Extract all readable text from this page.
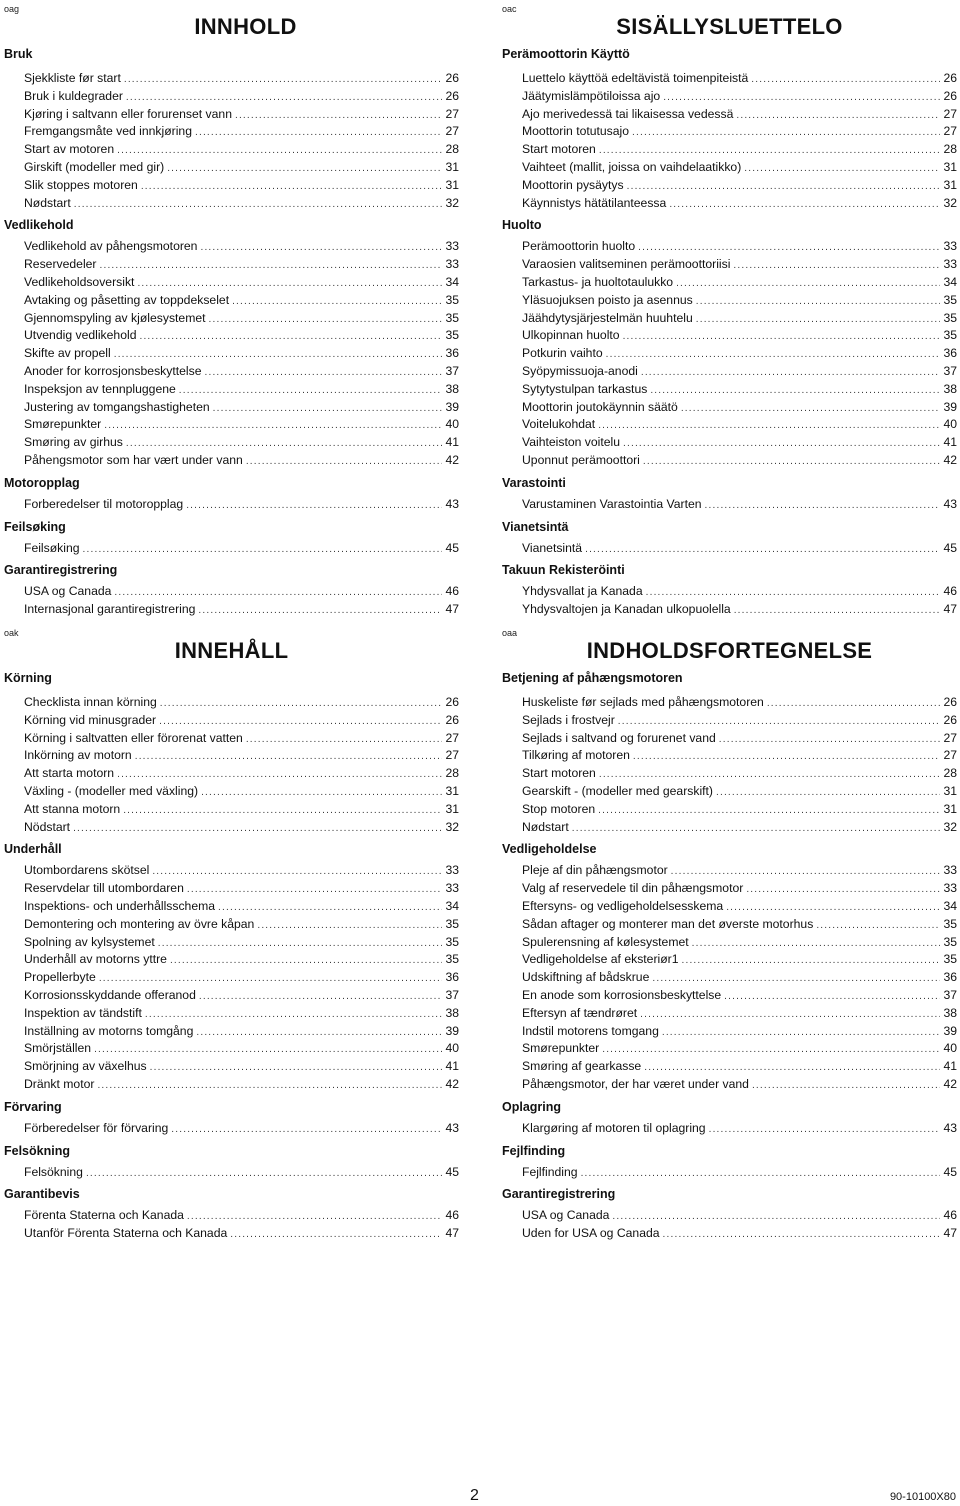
oag
INNHOLD
Bruk
Sjekkliste før start .....	26
Bruk i kuldegrader .....	26
Kjøring i saltvann eller forurenset vann .....	27
Fremgangsmåte ved innkjøring .....	27
Start av motoren .....	28
Girskift (modeller med gir) .....	31
Slik stoppes motoren .....	31
Nødstart .....	32
Vedlikehold
Vedlikehold av påhengsmotoren .....	33
Reservedeler .....	33
Vedlikeholdsoversikt .....	34
Avtaking og påsetting av toppdekselet .....	35
Gjennomspyling av kjølesystemet .....	35
Utvendig vedlikehold .....	35
Skifte av propell .....	36
Anoder for korrosjonsbeskyttelse .....	37
Inspeksjon av tennpluggene .....	38
Justering av tomgangshastigheten .....	39
Smørepunkter .....	40
Smøring av girhus .....	41
Påhengsmotor som har vært under vann .....	42
Motoropplag
Forberedelser til motoropplag .....	43
Feilsøking
Feilsøking .....	45
Garantiregistrering
USA og Canada .....	46
Internasjonal garantiregistrering .....	47
oac
SISÄLLYSLUETTELO
Perämoottorin Käyttö
Luettelo käyttöä edeltävistä toimenpiteistä .....	26
Jäätymislämpötiloissa ajo .....	26
Ajo merivedessä tai likaisessa vedessä .....	27
Moottorin totutusajo .....	27
Start motoren .....	28
Vaihteet (mallit, joissa on vaihdelaatikko) .....	31
Moottorin pysäytys .....	31
Käynnistys hätätilanteessa .....	32
Huolto
Perämoottorin huolto .....	33
Varaosien valitseminen perämoottoriisi .....	33
Tarkastus- ja huoltotaulukko .....	34
Yläsuojuksen poisto ja asennus .....	35
Jäähdytysjärjestelmän huuhtelu .....	35
Ulkopinnan huolto .....	35
Potkurin vaihto .....	36
Syöpymissuoja-anodi .....	37
Sytytystulpan tarkastus .....	38
Moottorin joutokäynnin säätö .....	39
Voitelukohdat .....	40
Vaihteiston voitelu .....	41
Uponnut perämoottori .....	42
Varastointi
Varustaminen Varastointia Varten .....	43
Vianetsintä
Vianetsintä .....	45
Takuun Rekisteröinti
Yhdysvallat ja Kanada .....	46
Yhdysvaltojen ja Kanadan ulkopuolella .....	47
oak
INNEHÅLL
Körning
Checklista innan körning .....	26
Körning vid minusgrader .....	26
Körning i saltvatten eller förorenat vatten .....	27
Inkörning av motorn .....	27
Att starta motorn .....	28
Växling - (modeller med växling) .....	31
Att stanna motorn .....	31
Nödstart .....	32
Underhåll
Utombordarens skötsel .....	33
Reservdelar till utombordaren .....	33
Inspektions- och underhållsschema .....	34
Demontering och montering av övre kåpan .....	35
Spolning av kylsystemet .....	35
Underhåll av motorns yttre .....	35
Propellerbyte .....	36
Korrosionsskyddande offeranod .....	37
Inspektion av tändstift .....	38
Inställning av motorns tomgång .....	39
Smörjställen .....	40
Smörjning av växelhus .....	41
Dränkt motor .....	42
Förvaring
Förberedelser för förvaring .....	43
Felsökning
Felsökning .....	45
Garantibevis
Förenta Staterna och Kanada .....	46
Utanför Förenta Staterna och Kanada .....	47
oaa
INDHOLDSFORTEGNELSE
Betjening af påhængsmotoren
Huskeliste før sejlads med påhængsmotoren .....	26
Sejlads i frostvejr .....	26
Sejlads i saltvand og forurenet vand .....	27
Tilkøring af motoren .....	27
Start motoren .....	28
Gearskift - (modeller med gearskift) .....	31
Stop motoren .....	31
Nødstart .....	32
Vedligeholdelse
Pleje af din påhængsmotor .....	33
Valg af reservedele til din påhængsmotor .....	33
Eftersyns- og vedligeholdelsesskema .....	34
Sådan aftager og monterer man det øverste motorhus .....	35
Spulerensning af kølesystemet .....	35
Vedligeholdelse af eksteriør1 .....	35
Udskiftning af bådskrue .....	36
En anode som korrosionsbeskyttelse .....	37
Eftersyn af tændrøret .....	38
Indstil motorens tomgang .....	39
Smørepunkter .....	40
Smøring af gearkasse .....	41
Påhængsmotor, der har været under vand .....	42
Oplagring
Klargøring af motoren til oplagring .....	43
Fejlfinding
Fejlfinding .....	45
Garantiregistrering
USA og Canada .....	46
Uden for USA og Canada .....	47
2	90-10100X80
